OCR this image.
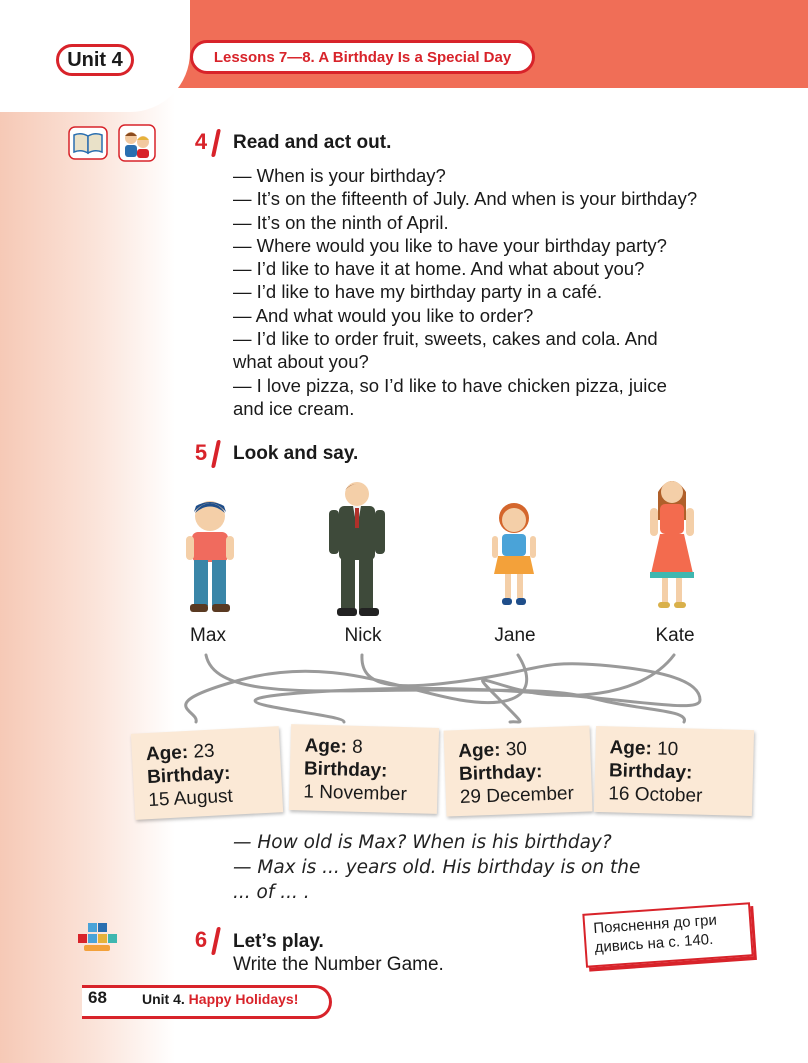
Unit 4	Lessons 7—8. A Birthday Is a Special Day
4	Read and act out.
— When is your birthday?
— It’s on the fifteenth of July. And when is your birthday?
— It’s on the ninth of April.
— Where would you like to have your birthday party?
— I’d like to have it at home. And what about you?
— I’d like to have my birthday party in a café.
— And what would you like to order?
— I’d like to order fruit, sweets, cakes and cola. And
what about you?
— I love pizza, so I’d like to have chicken pizza, juice
and ice cream.
5	Look and say.
Max	Nick	Jane	Kate
Age: 23
Birthday:
15 August
Age: 8
Birthday:
1 November
Age: 30
Birthday:
29 December
Age: 10
Birthday:
16 October
— How old is Max? When is his birthday?
— Max is ... years old. His birthday is on the
... of ... .
6	Let’s play.
Write the Number Game.
Пояснення до гри
дивись на с. 140.
68	Unit 4. Happy Holidays!
